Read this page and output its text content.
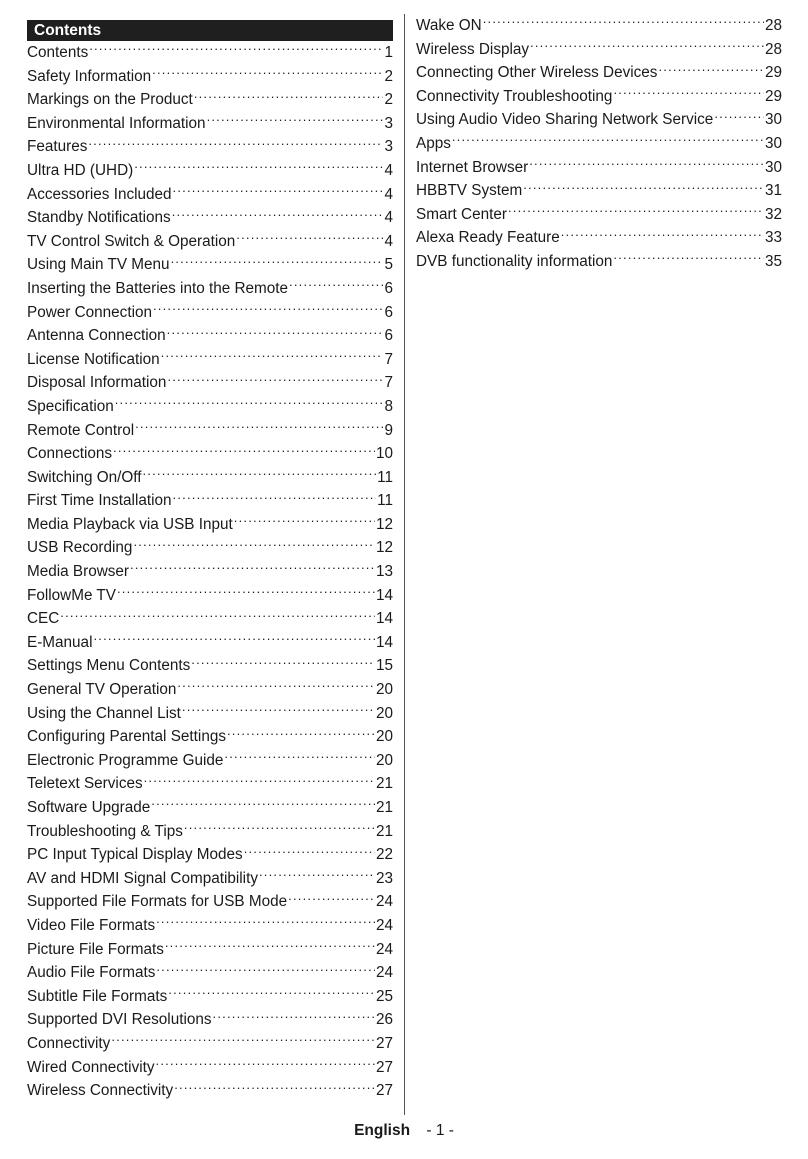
Contents
Contents .....	1
Safety Information .....	2
Markings on the Product .....	2
Environmental Information .....	3
Features .....	3
Ultra HD (UHD) .....	4
Accessories Included .....	4
Standby Notifications .....	4
TV Control Switch & Operation .....	4
Using Main TV Menu .....	5
Inserting the Batteries into the Remote .....	6
Power Connection .....	6
Antenna Connection .....	6
License Notification .....	7
Disposal Information .....	7
Specification .....	8
Remote Control .....	9
Connections .....	10
Switching On/Off .....	11
First Time Installation .....	11
Media Playback via USB Input .....	12
USB Recording .....	12
Media Browser .....	13
FollowMe TV .....	14
CEC .....	14
E-Manual .....	14
Settings Menu Contents .....	15
General TV Operation .....	20
Using the Channel List .....	20
Configuring Parental Settings .....	20
Electronic Programme Guide .....	20
Teletext Services .....	21
Software Upgrade .....	21
Troubleshooting & Tips .....	21
PC Input Typical Display Modes .....	22
AV and HDMI Signal Compatibility .....	23
Supported File Formats for USB Mode .....	24
Video File Formats .....	24
Picture File Formats .....	24
Audio File Formats .....	24
Subtitle File Formats .....	25
Supported DVI Resolutions .....	26
Connectivity .....	27
Wired Connectivity .....	27
Wireless Connectivity .....	27
Wake ON .....	28
Wireless Display .....	28
Connecting Other Wireless Devices .....	29
Connectivity Troubleshooting .....	29
Using Audio Video Sharing Network Service .....	30
Apps .....	30
Internet Browser .....	30
HBBTV System .....	31
Smart Center .....	32
Alexa Ready Feature .....	33
DVB functionality information .....	35
English - 1 -
